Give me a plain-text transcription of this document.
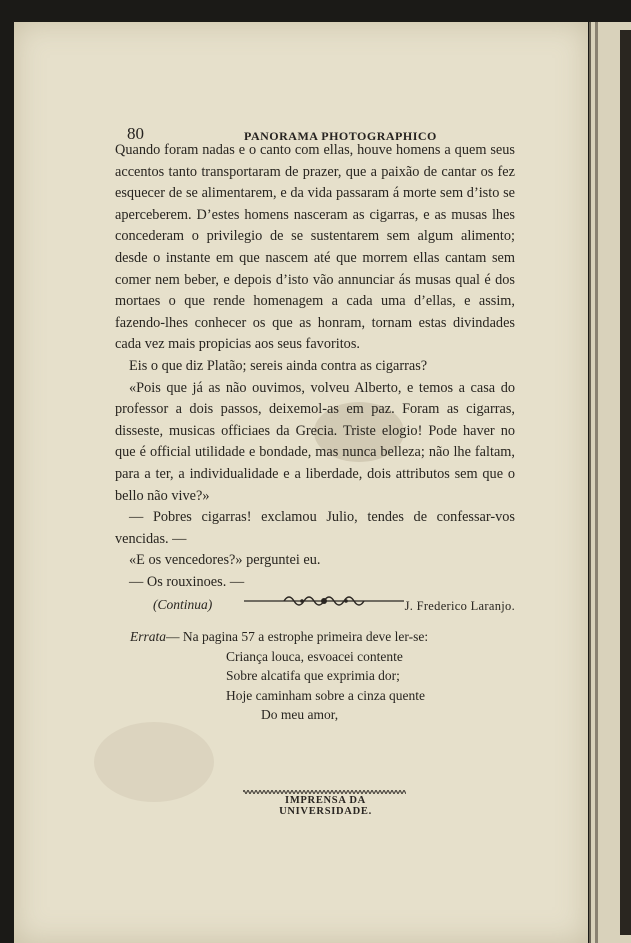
80	PANORAMA PHOTOGRAPHICO

Quando foram nadas e o canto com ellas, houve homens a quem seus accentos tanto transportaram de prazer, que a paixão de cantar os fez esquecer de se alimentarem, e da vida passaram á morte sem d’isto se aperceberem. D’estes homens nasceram as cigarras, e as musas lhes concederam o privilegio de se sustentarem sem algum alimento; desde o instante em que nascem até que morrem ellas cantam sem comer nem beber, e depois d’isto vão annunciar ás musas qual é dos mortaes o que rende homenagem a cada uma d’ellas, e assim, fazendo-lhes conhecer os que as honram, tornam estas divindades cada vez mais propicias aos seus favoritos.

Eis o que diz Platão; sereis ainda contra as cigarras?

«Pois que já as não ouvimos, volveu Alberto, e temos a casa do professor a dois passos, deixemol-as em paz. Foram as cigarras, disseste, musicas officiaes da Grecia. Triste elogio! Pode haver no que é official utilidade e bondade, mas nunca belleza; não lhe faltam, para a ter, a individualidade e a liberdade, dois attributos sem que o bello não vive?»

— Pobres cigarras! exclamou Julio, tendes de confessar-vos vencidas. —

«E os vencedores?» perguntei eu.

— Os rouxinoes. —

(Continua)	J. Frederico Laranjo.
Errata— Na pagina 57 a estrophe primeira deve ler-se:
Criança louca, esvoacei contente
Sobre alcatifa que exprimia dor;
Hoje caminham sobre a cinza quente
Do meu amor,
IMPRENSA DA UNIVERSIDADE.
